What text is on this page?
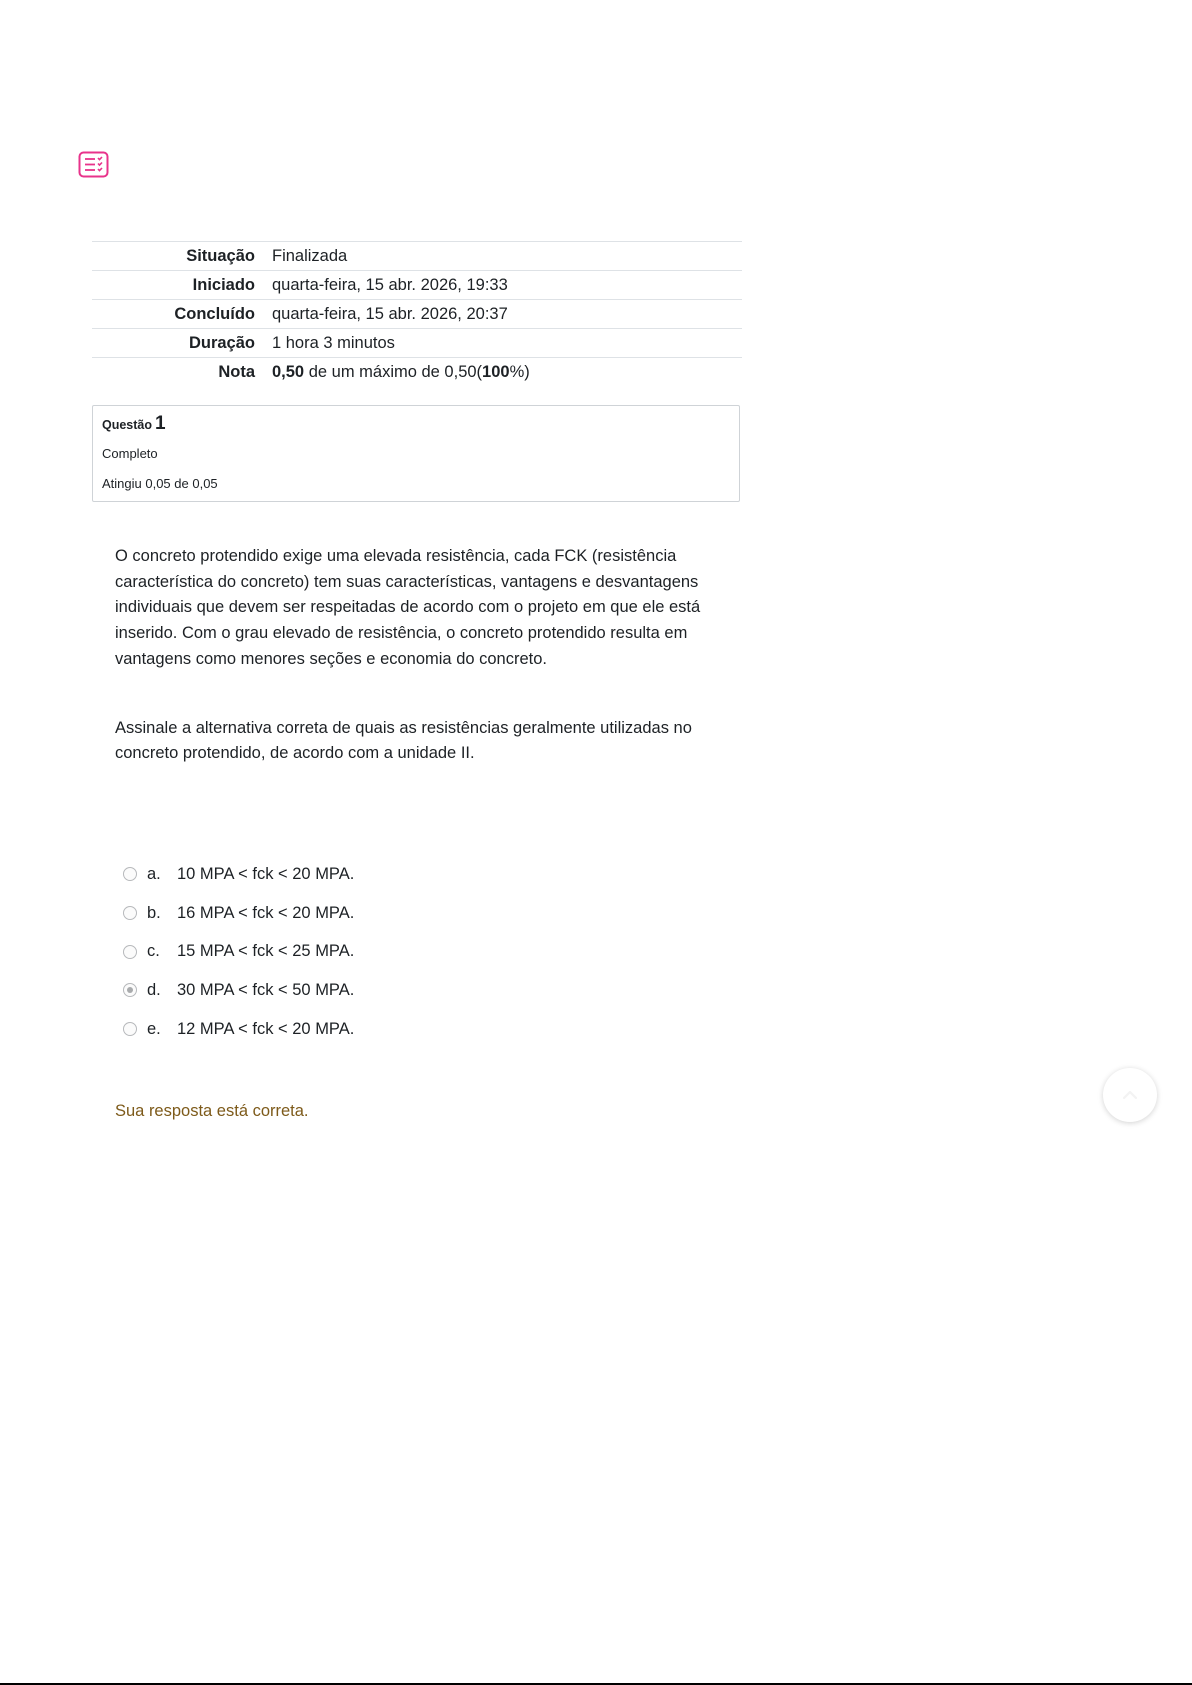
Situação	Finalizada
Iniciado	quarta-feira, 15 abr. 2026, 19:33
Concluído	quarta-feira, 15 abr. 2026, 20:37
Duração	1 hora 3 minutos
Nota	0,50 de um máximo de 0,50(100%)
Questão 1
Completo
Atingiu 0,05 de 0,05

O concreto protendido exige uma elevada resistência, cada FCK (resistência característica do concreto) tem suas características, vantagens e desvantagens individuais que devem ser respeitadas de acordo com o projeto em que ele está inserido. Com o grau elevado de resistência, o concreto protendido resulta em vantagens como menores seções e economia do concreto.

Assinale a alternativa correta de quais as resistências geralmente utilizadas no concreto protendido, de acordo com a unidade II.

a. 10 MPA < fck < 20 MPA.
b. 16 MPA < fck < 20 MPA.
c.	15 MPA < fck < 25 MPA.
d. 30 MPA < fck < 50 MPA.
e. 12 MPA < fck < 20 MPA.
Sua resposta está correta.
